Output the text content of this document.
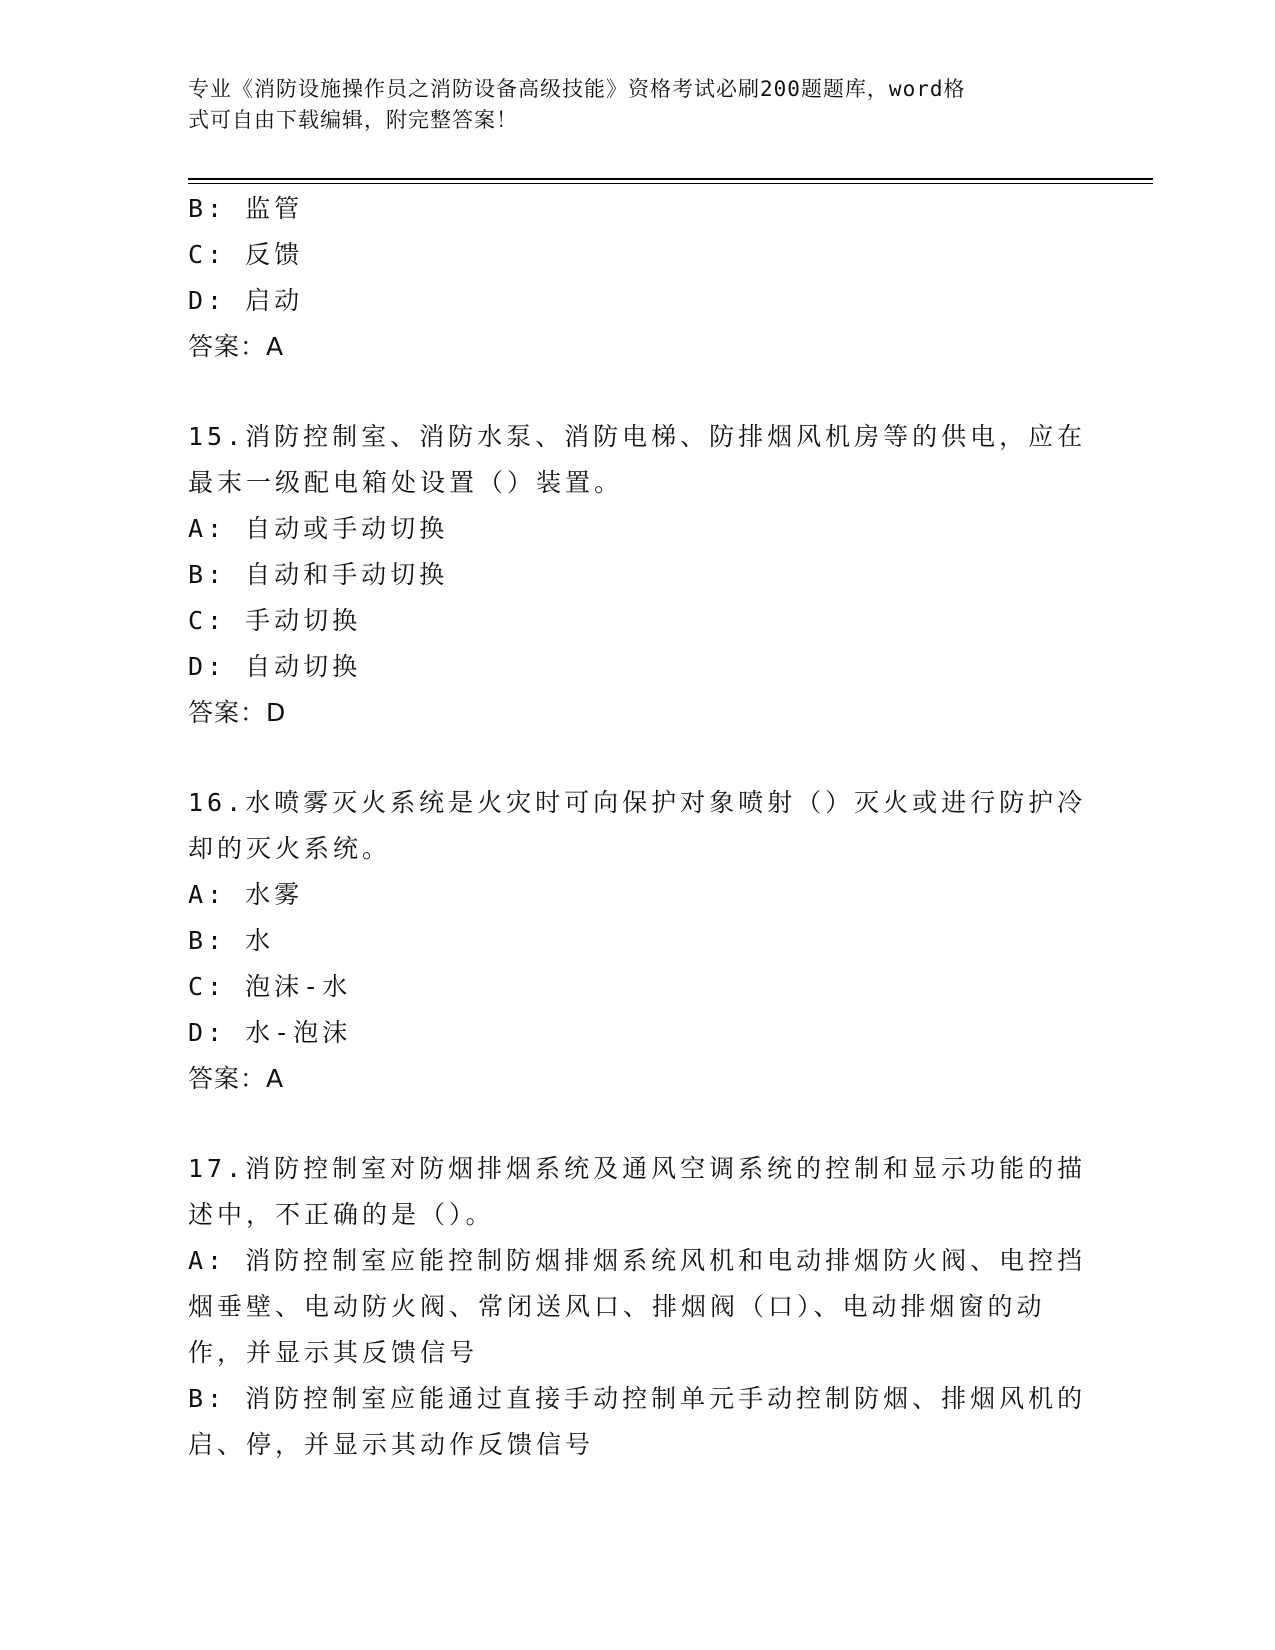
专业《消防设施操作员之消防设备高级技能》资格考试必刷200题题库，word格
式可自由下载编辑，附完整答案！
B: 监管
C: 反馈
D: 启动
答案：A
15.消防控制室、消防水泵、消防电梯、防排烟风机房等的供电，应在
最末一级配电箱处设置（）装置。
A: 自动或手动切换
B: 自动和手动切换
C: 手动切换
D: 自动切换
答案：D
16.水喷雾灭火系统是火灾时可向保护对象喷射（）灭火或进行防护冷
却的灭火系统。
A: 水雾
B: 水
C: 泡沫-水
D: 水-泡沫
答案：A
17.消防控制室对防烟排烟系统及通风空调系统的控制和显示功能的描
述中，不正确的是（）。
A: 消防控制室应能控制防烟排烟系统风机和电动排烟防火阀、电控挡
烟垂壁、电动防火阀、常闭送风口、排烟阀（口）、电动排烟窗的动
作，并显示其反馈信号
B: 消防控制室应能通过直接手动控制单元手动控制防烟、排烟风机的
启、停，并显示其动作反馈信号
